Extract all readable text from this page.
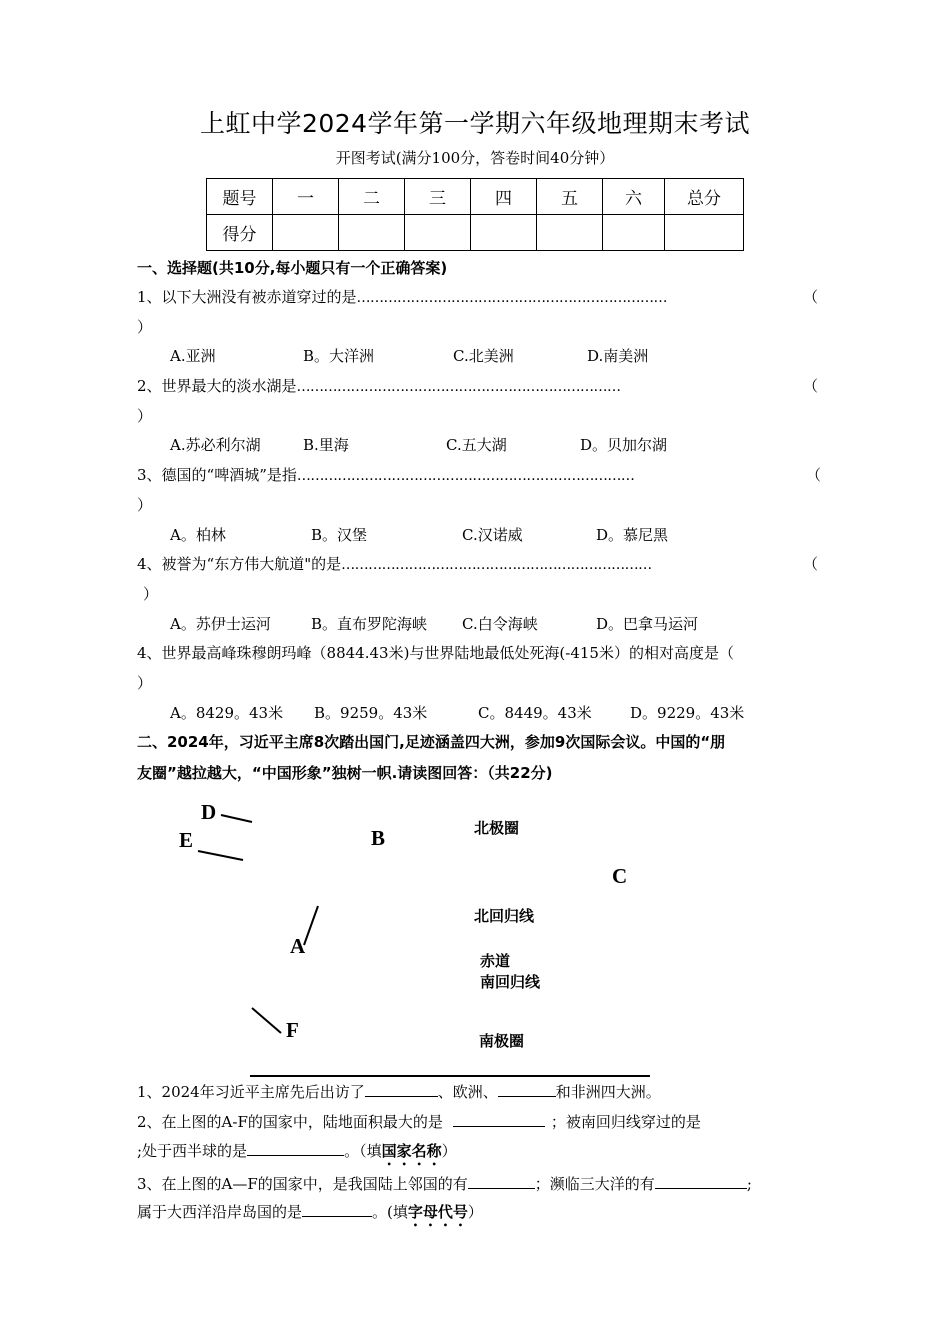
上虹中学2024学年第一学期六年级地理期末考试
开图考试(满分100分，答卷时间40分钟）
题号	一	二	三	四	五	六	总分
得分							
一、选择题(共10分,每小题只有一个正确答案)
1、以下大洲没有被赤道穿过的是……………………………………………………………	（
）
A.亚洲	B。大洋洲	C.北美洲	D.南美洲
2、世界最大的淡水湖是………………………………………………………………	（
）
A.苏必利尔湖	B.里海	C.五大湖	D。贝加尔湖
3、德国的“啤酒城”是指…………………………………………………………………	（
）
A。柏林	B。汉堡	C.汉诺威	D。慕尼黑
4、被誉为“东方伟大航道"的是……………………………………………………………	（
）
A。苏伊士运河	B。直布罗陀海峡 C.白令海峡	D。巴拿马运河
4、世界最高峰珠穆朗玛峰（8844.43米)与世界陆地最低处死海(-415米）的相对高度是（
）
A。8429。43米 B。9259。43米	C。8449。43米	D。9229。43米
二、2024年，习近平主席8次踏出国门,足迹涵盖四大洲，参加9次国际会议。中国的“朋
友圈”越拉越大，“中国形象”独树一帜.请读图回答：（共22分)
D
E	B
C
A
F
北极圈
北回归线
赤道
南回归线
南极圈
1、2024年习近平主席先后出访了	、欧洲、	和非洲四大洲。
2、在上图的A-F的国家中，陆地面积最大的是	；被南回归线穿过的是
;处于西半球的是	。（填国家名称）
3、在上图的A—F的国家中，是我国陆上邻国的有	；濒临三大洋的有	;
属于大西洋沿岸岛国的是	。(填字母代号）
